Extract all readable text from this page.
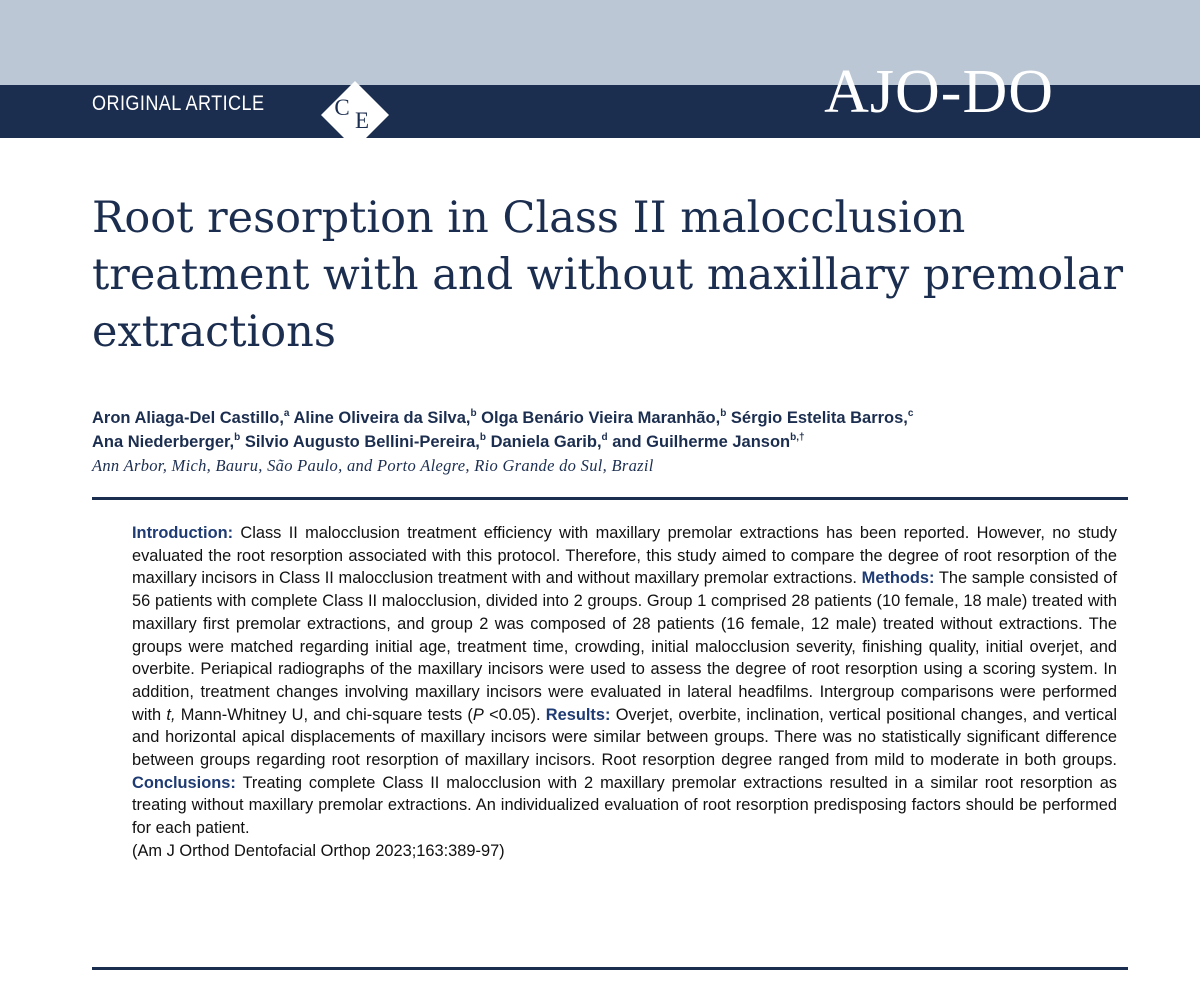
ORIGINAL ARTICLE	C
E	AJO-DO
Root resorption in Class II malocclusion treatment with and without maxillary premolar extractions
Aron Aliaga-Del Castillo,$^a$ Aline Oliveira da Silva,$^b$ Olga Benário Vieira Maranhão,$^b$ Sérgio Estelita Barros,$^c$
Ana Niederberger,$^b$ Silvio Augusto Bellini-Pereira,$^b$ Daniela Garib,$^d$ and Guilherme Janson$^{b,\dagger}$
Ann Arbor, Mich, Bauru, São Paulo, and Porto Alegre, Rio Grande do Sul, Brazil

Introduction: Class II malocclusion treatment efficiency with maxillary premolar extractions has been reported. However, no study evaluated the root resorption associated with this protocol. Therefore, this study aimed to compare the degree of root resorption of the maxillary incisors in Class II malocclusion treatment with and without maxillary premolar extractions. Methods: The sample consisted of 56 patients with complete Class II malocclusion, divided into 2 groups. Group 1 comprised 28 patients (10 female, 18 male) treated with maxillary first premolar extractions, and group 2 was composed of 28 patients (16 female, 12 male) treated without extractions. The groups were matched regarding initial age, treatment time, crowding, initial malocclusion severity, finishing quality, initial overjet, and overbite. Periapical radiographs of the maxillary incisors were used to assess the degree of root resorption using a scoring system. In addition, treatment changes involving maxillary incisors were evaluated in lateral headfilms. Intergroup comparisons were performed with t, Mann-Whitney U, and chi-square tests (P <0.05). Results: Overjet, overbite, inclination, vertical positional changes, and vertical and horizontal apical displacements of maxillary incisors were similar between groups. There was no statistically significant difference between groups regarding root resorption of maxillary incisors. Root resorption degree ranged from mild to moderate in both groups. Conclusions: Treating complete Class II malocclusion with 2 maxillary premolar extractions resulted in a similar root resorption as treating without maxillary premolar extractions. An individualized evaluation of root resorption predisposing factors should be performed for each patient.
(Am J Orthod Dentofacial Orthop 2023;163:389-97)
